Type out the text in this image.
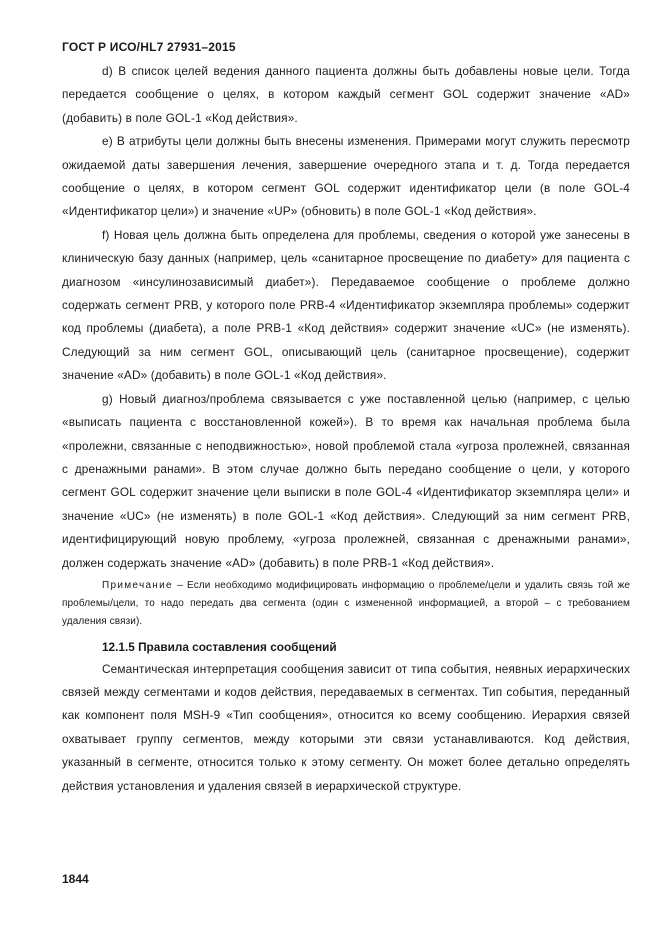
ГОСТ Р ИСО/HL7 27931–2015

d) В список целей ведения данного пациента должны быть добавлены новые цели. Тогда передается сообщение о целях, в котором каждый сегмент GOL содержит значение «AD» (добавить) в поле GOL-1 «Код действия».

e) В атрибуты цели должны быть внесены изменения. Примерами могут служить пересмотр ожидаемой даты завершения лечения, завершение очередного этапа и т. д. Тогда передается сообщение о целях, в котором сегмент GOL содержит идентификатор цели (в поле GOL-4 «Идентификатор цели») и значение «UP» (обновить) в поле GOL-1 «Код действия».

f) Новая цель должна быть определена для проблемы, сведения о которой уже занесены в клиническую базу данных (например, цель «санитарное просвещение по диабету» для пациента с диагнозом «инсулинозависимый диабет»). Передаваемое сообщение о проблеме должно содержать сегмент PRB, у которого поле PRB-4 «Идентификатор экземпляра проблемы» содержит код проблемы (диабета), а поле PRB-1 «Код действия» содержит значение «UC» (не изменять). Следующий за ним сегмент GOL, описывающий цель (санитарное просвещение), содержит значение «AD» (добавить) в поле GOL-1 «Код действия».

g) Новый диагноз/проблема связывается с уже поставленной целью (например, с целью «выписать пациента с восстановленной кожей»). В то время как начальная проблема была «пролежни, связанные с неподвижностью», новой проблемой стала «угроза пролежней, связанная с дренажными ранами». В этом случае должно быть передано сообщение о цели, у которого сегмент GOL содержит значение цели выписки в поле GOL-4 «Идентификатор экземпляра цели» и значение «UC» (не изменять) в поле GOL-1 «Код действия». Следующий за ним сегмент PRB, идентифицирующий новую проблему, «угроза пролежней, связанная с дренажными ранами», должен содержать значение «AD» (добавить) в поле PRB-1 «Код действия».

Примечание – Если необходимо модифицировать информацию о проблеме/цели и удалить связь той же проблемы/цели, то надо передать два сегмента (один с измененной информацией, а второй – с требованием удаления связи).

12.1.5 Правила составления сообщений

Семантическая интерпретация сообщения зависит от типа события, неявных иерархических связей между сегментами и кодов действия, передаваемых в сегментах. Тип события, переданный как компонент поля MSH-9 «Тип сообщения», относится ко всему сообщению. Иерархия связей охватывает группу сегментов, между которыми эти связи устанавливаются. Код действия, указанный в сегменте, относится только к этому сегменту. Он может более детально определять действия установления и удаления связей в иерархической структуре.

1844
